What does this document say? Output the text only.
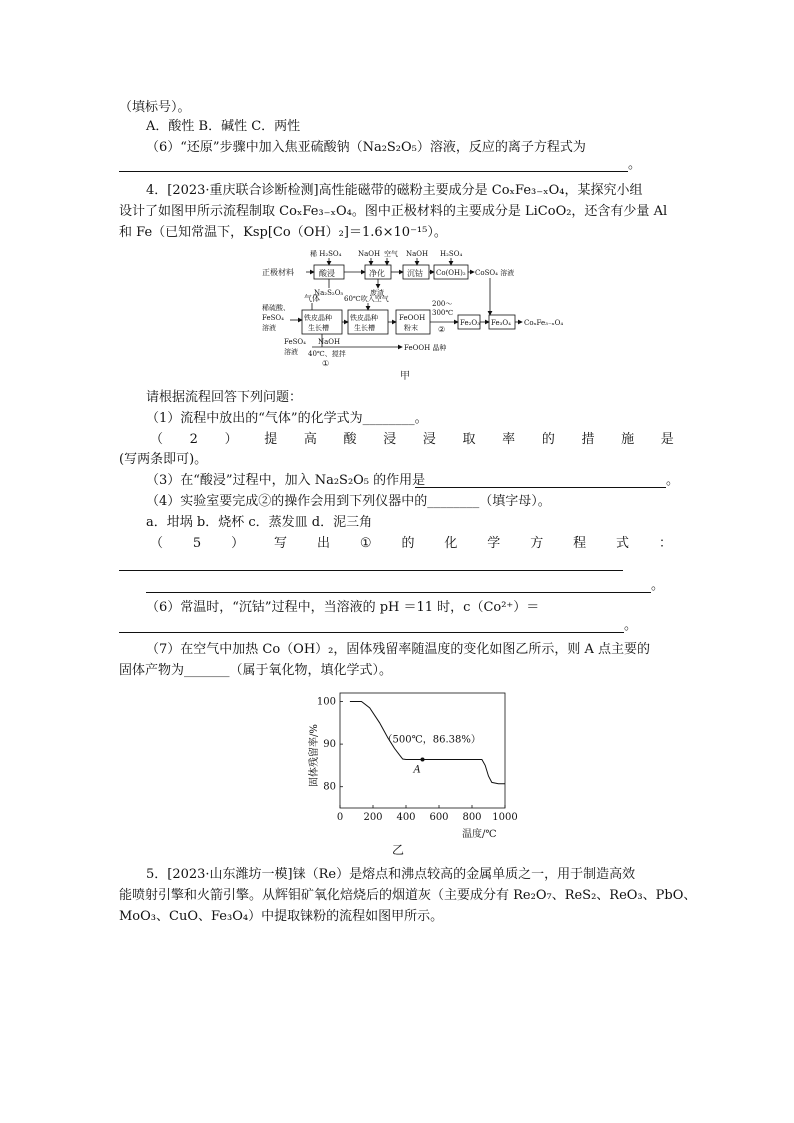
（填标号）。
A．酸性 B．碱性 C．两性
（6）“还原”步骤中加入焦亚硫酸钠（Na₂S₂O₅）溶液，反应的离子方程式为
。
4．[2023·重庆联合诊断检测]高性能磁带的磁粉主要成分是 CoₓFe₃₋ₓO₄，某探究小组
设计了如图甲所示流程制取 CoₓFe₃₋ₓO₄。图中正极材料的主要成分是 LiCoO₂，还含有少量 Al
和 Fe（已知常温下，Ksp[Co（OH）₂]＝1.6×10⁻¹⁵）。
正极材料	酸浸	净化	沉钴 Co(OH)₂ CoSO₄ 溶液
稀 H₂SO₄ NaOH 空气 NaOH H₂SO₄
Na₂S₂O₅	废渣
稀硫酸、
FeSO₄
溶液
气体	60℃吹入空气
200～
300℃
②
铁皮晶种
生长槽
铁皮晶种
生长槽
FeOOH
粉末
Fe₂O₃ Fe₃O₄ CoₓFe₃₋ₓO₄
FeSO₄ NaOH
溶液 40℃、搅拌
①
FeOOH 晶种
甲
请根据流程回答下列问题：
（1）流程中放出的“气体”的化学式为________。
（ 2 ） 提 高 酸 浸 浸 取 率 的 措 施 是
(写两条即可)。
（3）在“酸浸”过程中，加入 Na₂S₂O₅ 的作用是	。
（4）实验室要完成②的操作会用到下列仪器中的________（填字母）。
a．坩埚 b．烧杯 c．蒸发皿 d．泥三角
（ 5 ） 写 出 ① 的 化 学 方 程 式 ：
。
（6）常温时，“沉钴”过程中，当溶液的 pH ＝11 时，c（Co²⁺）＝
。
（7）在空气中加热 Co（OH）₂，固体残留率随温度的变化如图乙所示，则 A 点主要的
固体产物为_______（属于氧化物，填化学式）。
0 200 400 600 800 1000
80
90
100
（500℃，86.38%）
A
温度/℃
固体残留率/%
乙
5．[2023·山东潍坊一模]铼（Re）是熔点和沸点较高的金属单质之一，用于制造高效
能喷射引擎和火箭引擎。从辉钼矿氧化焙烧后的烟道灰（主要成分有 Re₂O₇、ReS₂、ReO₃、PbO、
MoO₃、CuO、Fe₃O₄）中提取铼粉的流程如图甲所示。
